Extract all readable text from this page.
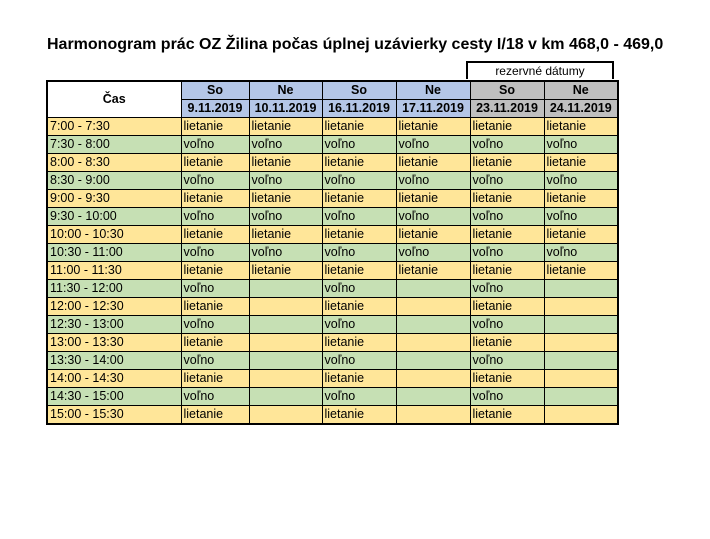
Harmonogram prác OZ Žilina počas úplnej uzávierky cesty I/18 v km 468,0 - 469,0
rezervné dátumy
Čas	So	Ne	So	Ne	So	Ne
	9.11.2019	10.11.2019	16.11.2019	17.11.2019	23.11.2019	24.11.2019
7:00 - 7:30	lietanie	lietanie	lietanie	lietanie	lietanie	lietanie
7:30 - 8:00	voľno	voľno	voľno	voľno	voľno	voľno
8:00 - 8:30	lietanie	lietanie	lietanie	lietanie	lietanie	lietanie
8:30 - 9:00	voľno	voľno	voľno	voľno	voľno	voľno
9:00 - 9:30	lietanie	lietanie	lietanie	lietanie	lietanie	lietanie
9:30 - 10:00	voľno	voľno	voľno	voľno	voľno	voľno
10:00 - 10:30	lietanie	lietanie	lietanie	lietanie	lietanie	lietanie
10:30 - 11:00	voľno	voľno	voľno	voľno	voľno	voľno
11:00 - 11:30	lietanie	lietanie	lietanie	lietanie	lietanie	lietanie
11:30 - 12:00	voľno		voľno		voľno	
12:00 - 12:30	lietanie		lietanie		lietanie	
12:30 - 13:00	voľno		voľno		voľno	
13:00 - 13:30	lietanie		lietanie		lietanie	
13:30 - 14:00	voľno		voľno		voľno	
14:00 - 14:30	lietanie		lietanie		lietanie	
14:30 - 15:00	voľno		voľno		voľno	
15:00 - 15:30	lietanie		lietanie		lietanie	
